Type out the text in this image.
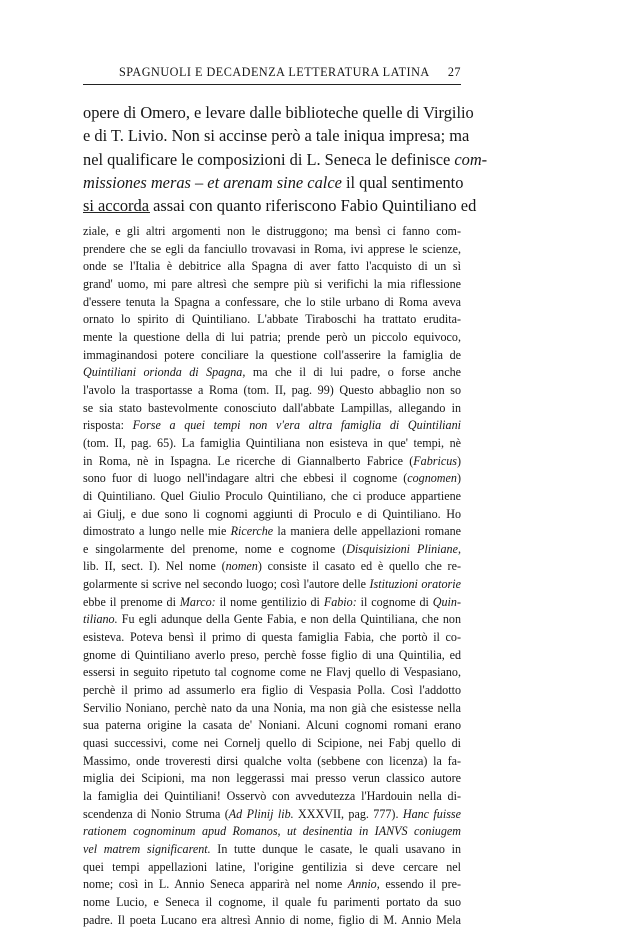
SPAGNUOLI E DECADENZA LETTERATURA LATINA 27
opere di Omero, e levare dalle biblioteche quelle di Virgilio
e di T. Livio. Non si accinse però a tale iniqua impresa; ma
nel qualificare le composizioni di L. Seneca le definisce com-
missiones meras – et arenam sine calce il qual sentimento
si accorda assai con quanto riferiscono Fabio Quintiliano ed
ziale, e gli altri argomenti non le distruggono; ma bensì ci fanno com-
prendere che se egli da fanciullo trovavasi in Roma, ivi apprese le scienze,
onde se l'Italia è debitrice alla Spagna di aver fatto l'acquisto di un sì
grand' uomo, mi pare altresì che sempre più si verifichi la mia riflessione
d'essere tenuta la Spagna a confessare, che lo stile urbano di Roma aveva
ornato lo spirito di Quintiliano. L'abbate Tiraboschi ha trattato erudita-
mente la questione della di lui patria; prende però un piccolo equivoco,
immaginandosi potere conciliare la questione coll'asserire la famiglia de
Quintiliani orionda di Spagna, ma che il di lui padre, o forse anche
l'avolo la trasportasse a Roma (tom. II, pag. 99) Questo abbaglio non so
se sia stato bastevolmente conosciuto dall'abbate Lampillas, allegando in
risposta: Forse a quei tempi non v'era altra famiglia di Quintiliani
(tom. II, pag. 65). La famiglia Quintiliana non esisteva in que' tempi, nè
in Roma, nè in Ispagna. Le ricerche di Giannalberto Fabrice (Fabricus)
sono fuor di luogo nell'indagare altri che ebbesi il cognome (cognomen)
di Quintiliano. Quel Giulio Proculo Quintiliano, che ci produce appartiene
ai Giulj, e due sono li cognomi aggiunti di Proculo e di Quintiliano. Ho
dimostrato a lungo nelle mie Ricerche la maniera delle appellazioni romane
e singolarmente del prenome, nome e cognome (Disquisizioni Pliniane,
lib. II, sect. I). Nel nome (nomen) consiste il casato ed è quello che re-
golarmente si scrive nel secondo luogo; così l'autore delle Istituzioni oratorie
ebbe il prenome di Marco: il nome gentilizio di Fabio: il cognome di Quin-
tiliano. Fu egli adunque della Gente Fabia, e non della Quintiliana, che non
esisteva. Poteva bensì il primo di questa famiglia Fabia, che portò il co-
gnome di Quintiliano averlo preso, perchè fosse figlio di una Quintilia, ed
essersi in seguito ripetuto tal cognome come ne Flavj quello di Vespasiano,
perchè il primo ad assumerlo era figlio di Vespasia Polla. Così l'addotto
Servilio Noniano, perchè nato da una Nonia, ma non già che esistesse nella
sua paterna origine la casata de' Noniani. Alcuni cognomi romani erano
quasi successivi, come nei Cornelj quello di Scipione, nei Fabj quello di
Massimo, onde troveresti dirsi qualche volta (sebbene con licenza) la fa-
miglia dei Scipioni, ma non leggerassi mai presso verun classico autore
la famiglia dei Quintiliani! Osservò con avvedutezza l'Hardouin nella di-
scendenza di Nonio Struma (Ad Plinij lib. XXXVII, pag. 777). Hanc fuisse
rationem cognominum apud Romanos, ut desinentia in IANVS coniugem
vel matrem significarent. In tutte dunque le casate, le quali usavano in
quei tempi appellazioni latine, l'origine gentilizia si deve cercare nel
nome; così in L. Annio Seneca apparirà nel nome Annio, essendo il pre-
nome Lucio, e Seneca il cognome, il quale fu parimenti portato da suo
padre. Il poeta Lucano era altresì Annio di nome, figlio di M. Annio Mela
